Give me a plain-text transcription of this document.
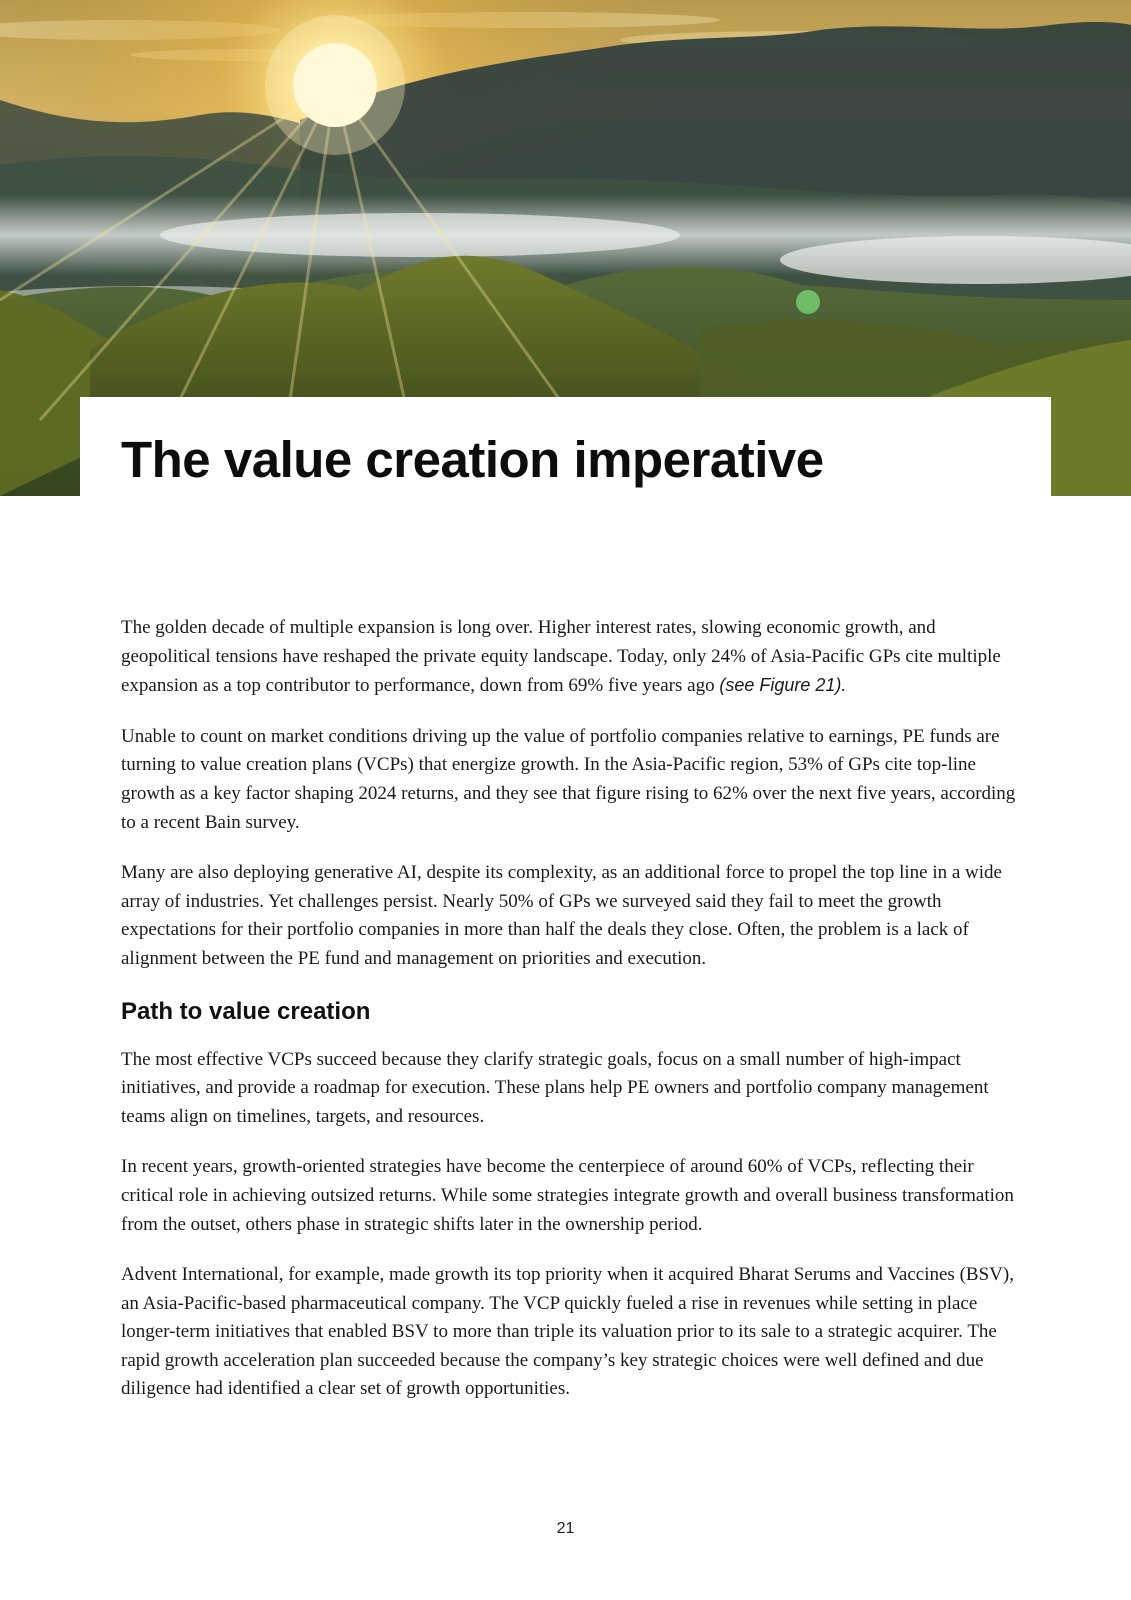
The value creation imperative

The golden decade of multiple expansion is long over. Higher interest rates, slowing economic growth, and geopolitical tensions have reshaped the private equity landscape. Today, only 24% of Asia-Pacific GPs cite multiple expansion as a top contributor to performance, down from 69% five years ago (see Figure 21).

Unable to count on market conditions driving up the value of portfolio companies relative to earnings, PE funds are turning to value creation plans (VCPs) that energize growth. In the Asia-Pacific region, 53% of GPs cite top-line growth as a key factor shaping 2024 returns, and they see that figure rising to 62% over the next five years, according to a recent Bain survey.

Many are also deploying generative AI, despite its complexity, as an additional force to propel the top line in a wide array of industries. Yet challenges persist. Nearly 50% of GPs we surveyed said they fail to meet the growth expectations for their portfolio companies in more than half the deals they close. Often, the problem is a lack of alignment between the PE fund and management on priorities and execution.

Path to value creation

The most effective VCPs succeed because they clarify strategic goals, focus on a small number of high-impact initiatives, and provide a roadmap for execution. These plans help PE owners and portfolio company management teams align on timelines, targets, and resources.

In recent years, growth-oriented strategies have become the centerpiece of around 60% of VCPs, reflecting their critical role in achieving outsized returns. While some strategies integrate growth and overall business transformation from the outset, others phase in strategic shifts later in the ownership period.

Advent International, for example, made growth its top priority when it acquired Bharat Serums and Vaccines (BSV), an Asia-Pacific-based pharmaceutical company. The VCP quickly fueled a rise in revenues while setting in place longer-term initiatives that enabled BSV to more than triple its valuation prior to its sale to a strategic acquirer. The rapid growth acceleration plan succeeded because the company’s key strategic choices were well defined and due diligence had identified a clear set of growth opportunities.

21
